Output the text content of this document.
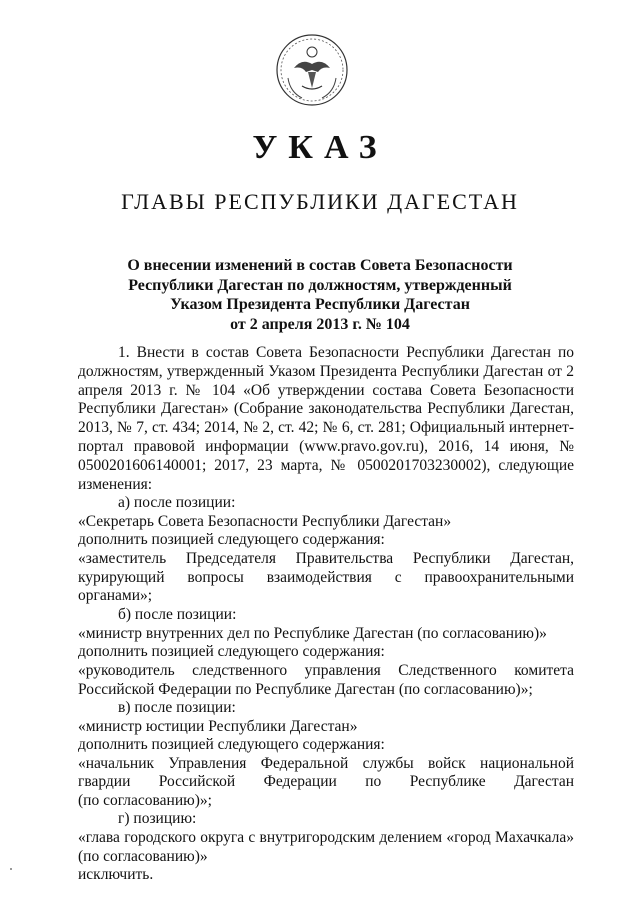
УКАЗ
ГЛАВЫ РЕСПУБЛИКИ ДАГЕСТАН
О внесении изменений в состав Совета Безопасности
Республики Дагестан по должностям, утвержденный
Указом Президента Республики Дагестан
от 2 апреля 2013 г. № 104
1. Внести в состав Совета Безопасности Республики Дагестан по должностям, утвержденный Указом Президента Республики Дагестан от 2 апреля 2013 г. № 104 «Об утверждении состава Совета Безопасности Республики Дагестан» (Собрание законодательства Республики Дагестан, 2013, № 7, ст. 434; 2014, № 2, ст. 42; № 6, ст. 281; Официальный интернет-портал правовой информации (www.pravo.gov.ru), 2016, 14 июня, № 0500201606140001; 2017, 23 марта, № 0500201703230002), следующие изменения:
а) после позиции:
«Секретарь Совета Безопасности Республики Дагестан»
дополнить позицией следующего содержания:
«заместитель Председателя Правительства Республики Дагестан, курирующий вопросы взаимодействия с правоохранительными органами»;
б) после позиции:
«министр внутренних дел по Республике Дагестан (по согласованию)»
дополнить позицией следующего содержания:
«руководитель следственного управления Следственного комитета Российской Федерации по Республике Дагестан (по согласованию)»;
в) после позиции:
«министр юстиции Республики Дагестан»
дополнить позицией следующего содержания:
«начальник Управления Федеральной службы войск национальной
гвардии Российской Федерации по Республике Дагестан
(по согласованию)»;
г) позицию:
«глава городского округа с внутригородским делением «город Махачкала» (по согласованию)»
исключить.
